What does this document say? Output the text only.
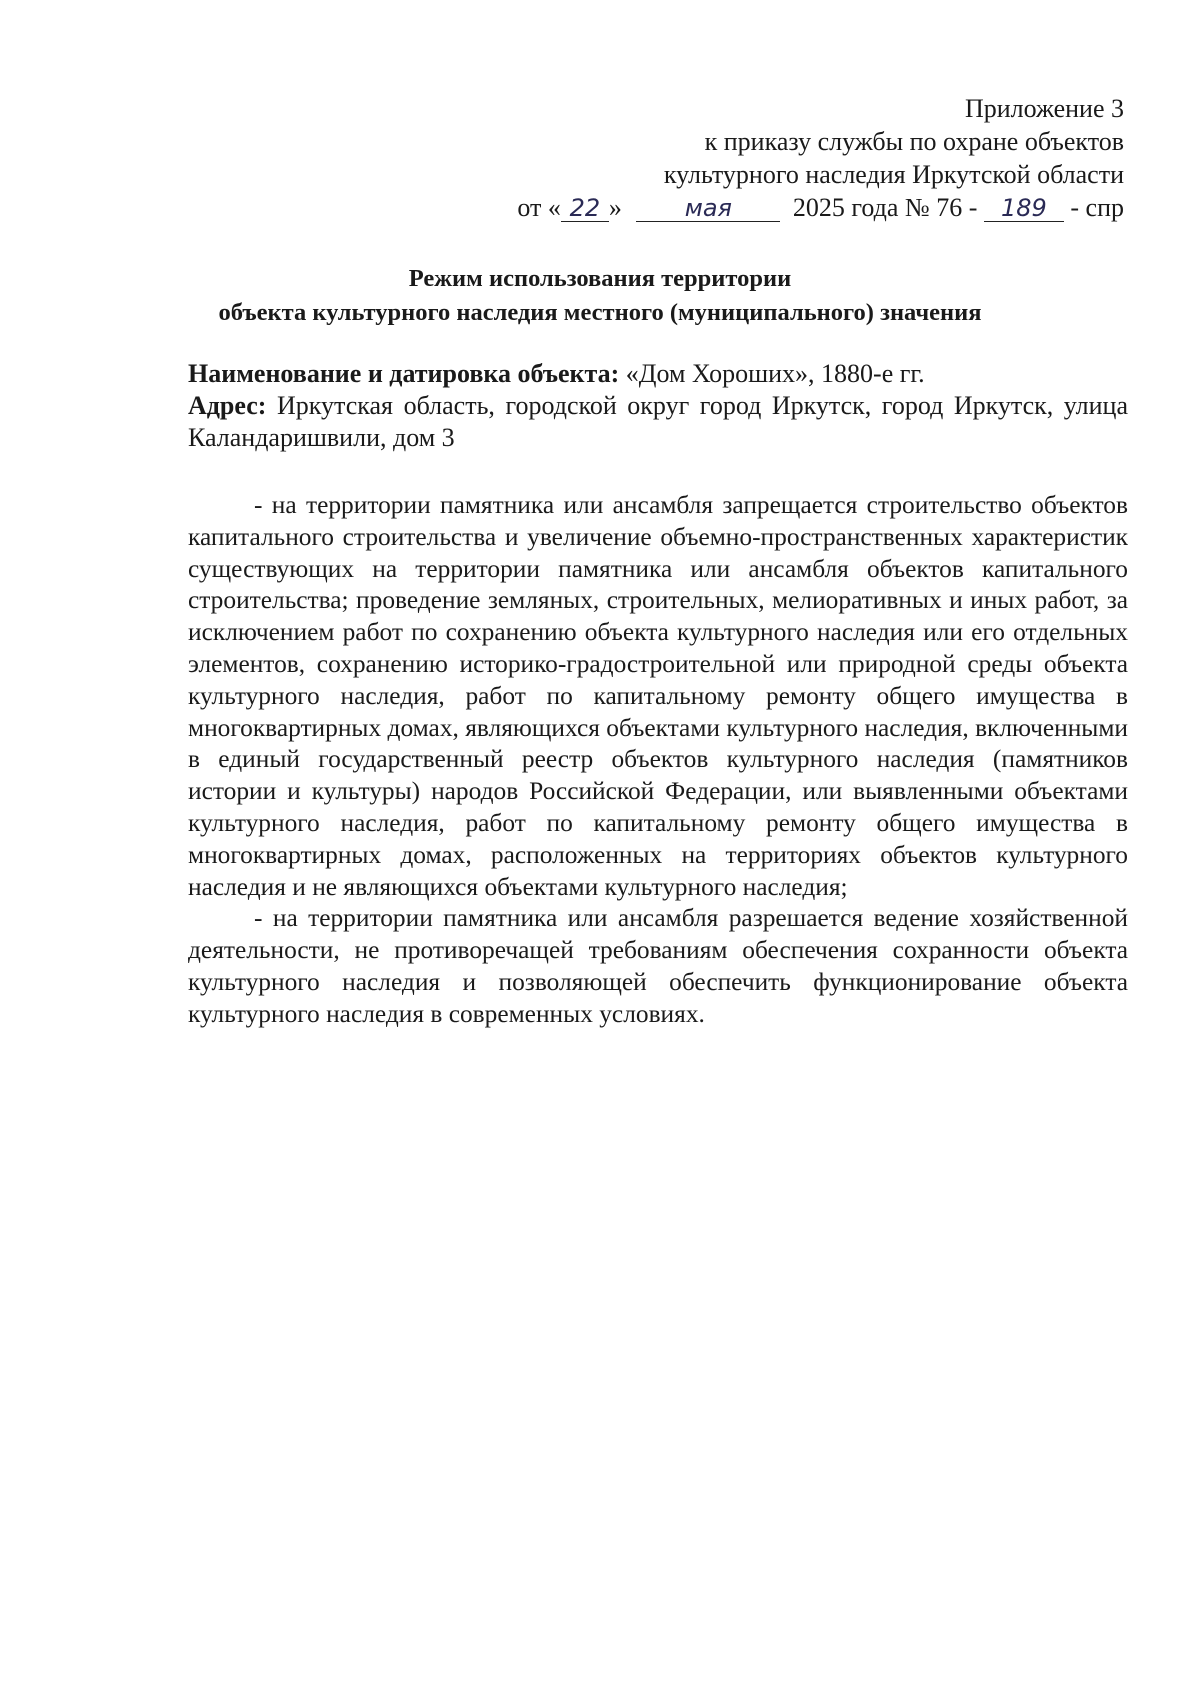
Приложение 3
к приказу службы по охране объектов
культурного наследия Иркутской области
от « 22 »	мая 2025 года № 76 - 189 - спр
Режим использования территории
объекта культурного наследия местного (муниципального) значения
Наименование и датировка объекта: «Дом Хороших», 1880-е гг.
Адрес: Иркутская область, городской округ город Иркутск, город Иркутск, улица Каландаришвили, дом 3

- на территории памятника или ансамбля запрещается строительство объектов капитального строительства и увеличение объемно-пространственных характеристик существующих на территории памятника или ансамбля объектов капитального строительства; проведение земляных, строительных, мелиоративных и иных работ, за исключением работ по сохранению объекта культурного наследия или его отдельных элементов, сохранению историко-градостроительной или природной среды объекта культурного наследия, работ по капитальному ремонту общего имущества в многоквартирных домах, являющихся объектами культурного наследия, включенными в единый государственный реестр объектов культурного наследия (памятников истории и культуры) народов Российской Федерации, или выявленными объектами культурного наследия, работ по капитальному ремонту общего имущества в многоквартирных домах, расположенных на территориях объектов культурного наследия и не являющихся объектами культурного наследия;

- на территории памятника или ансамбля разрешается ведение хозяйственной деятельности, не противоречащей требованиям обеспечения сохранности объекта культурного наследия и позволяющей обеспечить функционирование объекта культурного наследия в современных условиях.
